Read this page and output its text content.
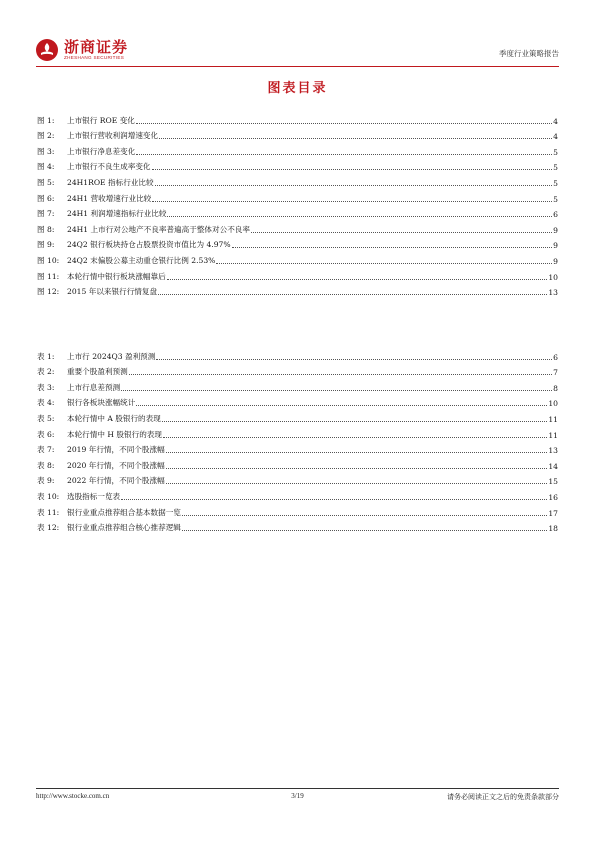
浙商证券
ZHESHANG SECURITIES	季度行业策略报告
图表目录
图 1:	上市银行 ROE 变化	4
图 2:	上市银行营收利润增速变化	4
图 3:	上市银行净息差变化	5
图 4:	上市银行不良生成率变化	5
图 5:	24H1ROE 指标行业比较	5
图 6:	24H1 营收增速行业比较	5
图 7:	24H1 利润增速指标行业比较	6
图 8:	24H1 上市行对公地产不良率普遍高于整体对公不良率	9
图 9:	24Q2 银行板块持仓占股票投资市值比为 4.97%	9
图 10:	24Q2 末偏股公募主动重仓银行比例 2.53%	9
图 11:	本轮行情中银行板块涨幅靠后	10
图 12:	2015 年以来银行行情复盘	13
表 1:	上市行 2024Q3 盈利预测	6
表 2:	重要个股盈利预测	7
表 3:	上市行息差预测	8
表 4:	银行各板块涨幅统计	10
表 5:	本轮行情中 A 股银行的表现	11
表 6:	本轮行情中 H 股银行的表现	11
表 7:	2019 年行情，不同个股涨幅	13
表 8:	2020 年行情，不同个股涨幅	14
表 9:	2022 年行情，不同个股涨幅	15
表 10:	选股指标一览表	16
表 11:	银行业重点推荐组合基本数据一览	17
表 12:	银行业重点推荐组合核心推荐逻辑	18
http://www.stocke.com.cn	3/19	请务必阅读正文之后的免责条款部分
